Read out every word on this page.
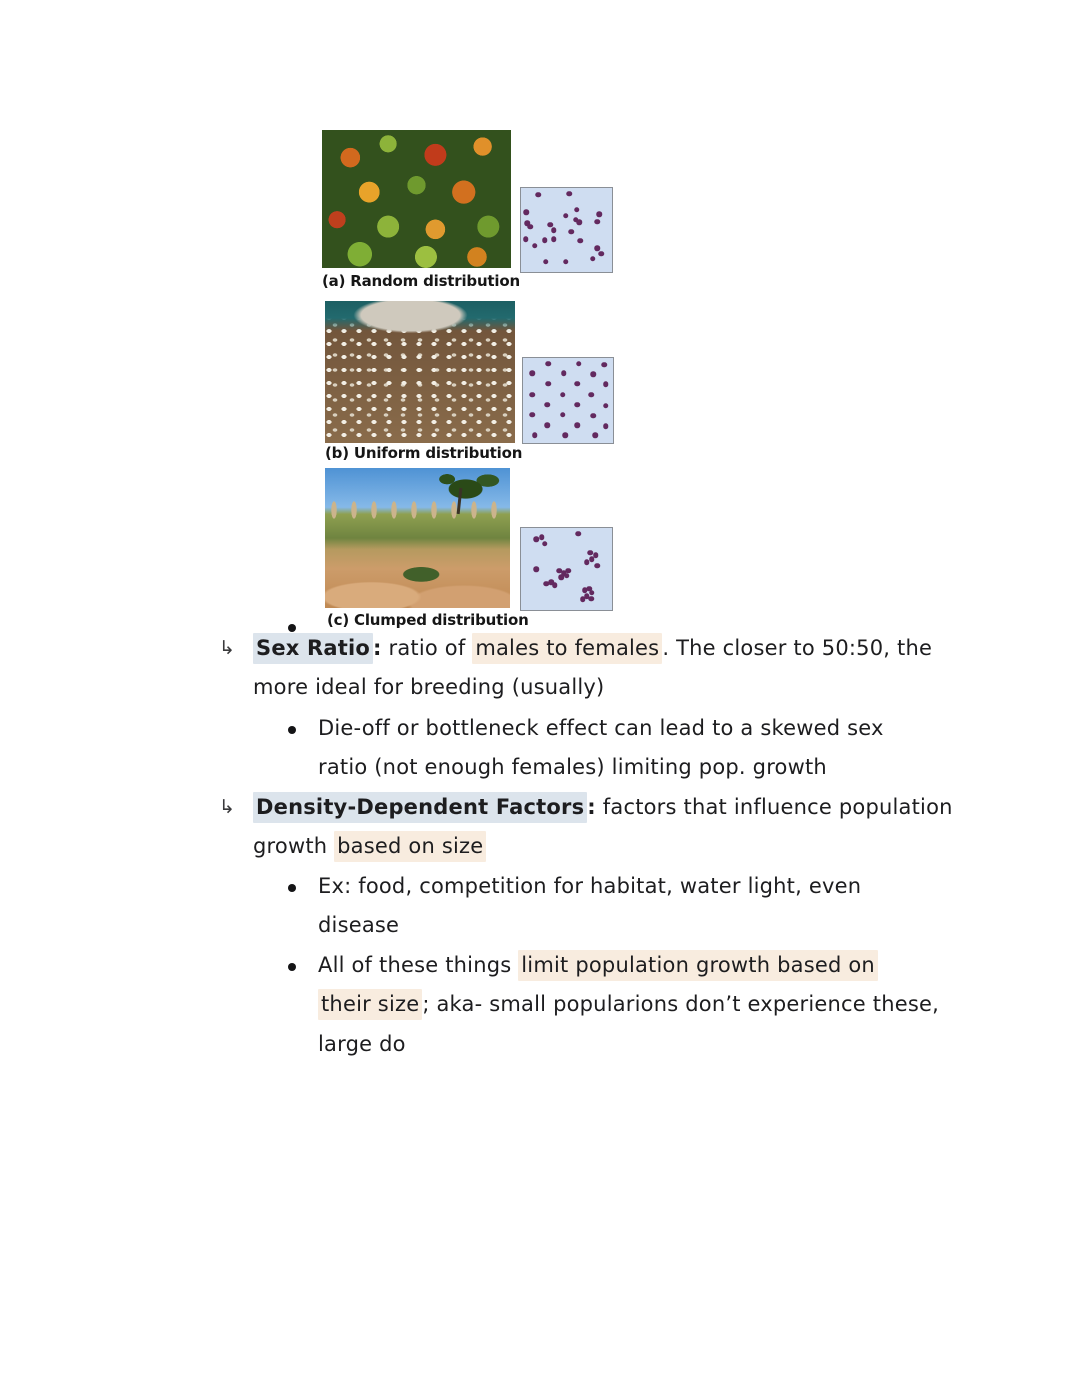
(a) Random distribution
(b) Uniform distribution
(c) Clumped distribution
↳ Sex Ratio : ratio of males to females . The closer to 50:50, the
more ideal for breeding (usually)
Die-off or bottleneck effect can lead to a skewed sex
ratio (not enough females) limiting pop. growth
↳ Density-Dependent Factors : factors that influence population
growth based on size
Ex: food, competition for habitat, water light, even
disease
All of these things limit population growth based on
their size ; aka- small popularions don’t experience these,
large do
